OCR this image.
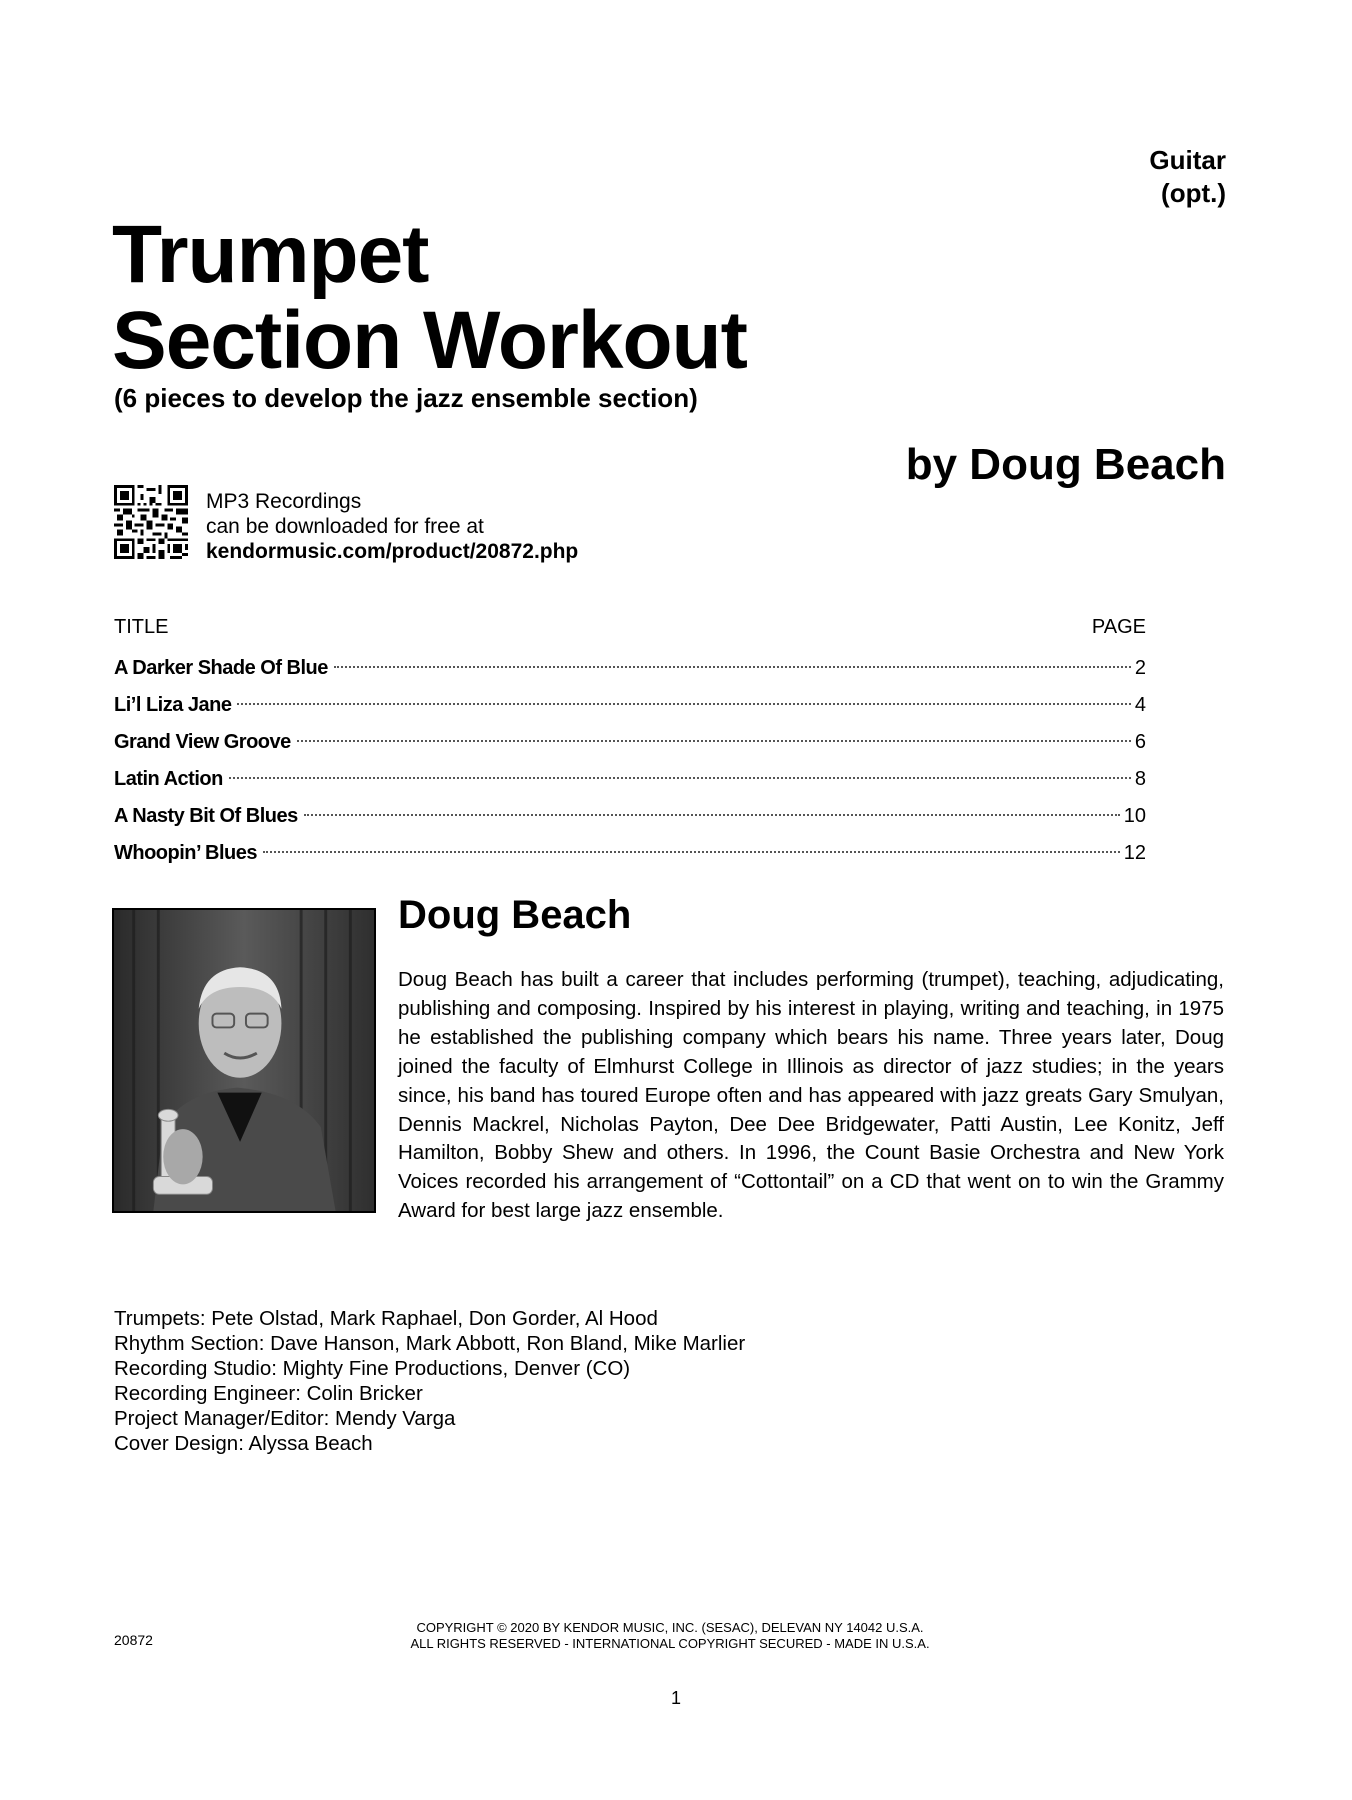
Guitar
(opt.)
Trumpet
Section Workout
(6 pieces to develop the jazz ensemble section)
by Doug Beach
MP3 Recordings
can be downloaded for free at
kendormusic.com/product/20872.php
TITLE	PAGE
A Darker Shade Of Blue	2
Li’l Liza Jane	4
Grand View Groove	6
Latin Action	8
A Nasty Bit Of Blues	10
Whoopin’ Blues	12
Doug Beach
Doug Beach has built a career that includes performing (trumpet), teaching, adjudicating, publishing and composing. Inspired by his interest in playing, writing and teaching, in 1975 he established the publishing company which bears his name. Three years later, Doug joined the faculty of Elmhurst College in Illinois as director of jazz studies; in the years since, his band has toured Europe often and has appeared with jazz greats Gary Smulyan, Dennis Mackrel, Nicholas Payton, Dee Dee Bridgewater, Patti Austin, Lee Konitz, Jeff Hamilton, Bobby Shew and others. In 1996, the Count Basie Orchestra and New York Voices recorded his arrangement of “Cottontail” on a CD that went on to win the Grammy Award for best large jazz ensemble.
Trumpets: Pete Olstad, Mark Raphael, Don Gorder, Al Hood
Rhythm Section: Dave Hanson, Mark Abbott, Ron Bland, Mike Marlier
Recording Studio: Mighty Fine Productions, Denver (CO)
Recording Engineer: Colin Bricker
Project Manager/Editor: Mendy Varga
Cover Design: Alyssa Beach
20872
COPYRIGHT © 2020 BY KENDOR MUSIC, INC. (SESAC), DELEVAN NY 14042 U.S.A.
ALL RIGHTS RESERVED - INTERNATIONAL COPYRIGHT SECURED - MADE IN U.S.A.
1
